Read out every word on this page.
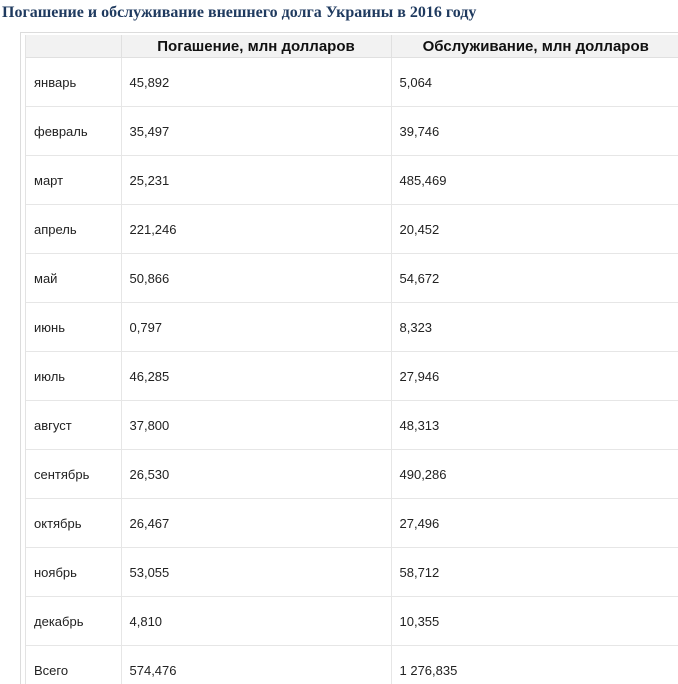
Погашение и обслуживание внешнего долга Украины в 2016 году
	Погашение, млн долларов	Обслуживание, млн долларов
январь	45,892	5,064
февраль	35,497	39,746
март	25,231	485,469
апрель	221,246	20,452
май	50,866	54,672
июнь	0,797	8,323
июль	46,285	27,946
август	37,800	48,313
сентябрь	26,530	490,286
октябрь	26,467	27,496
ноябрь	53,055	58,712
декабрь	4,810	10,355
Всего	574,476	1 276,835
